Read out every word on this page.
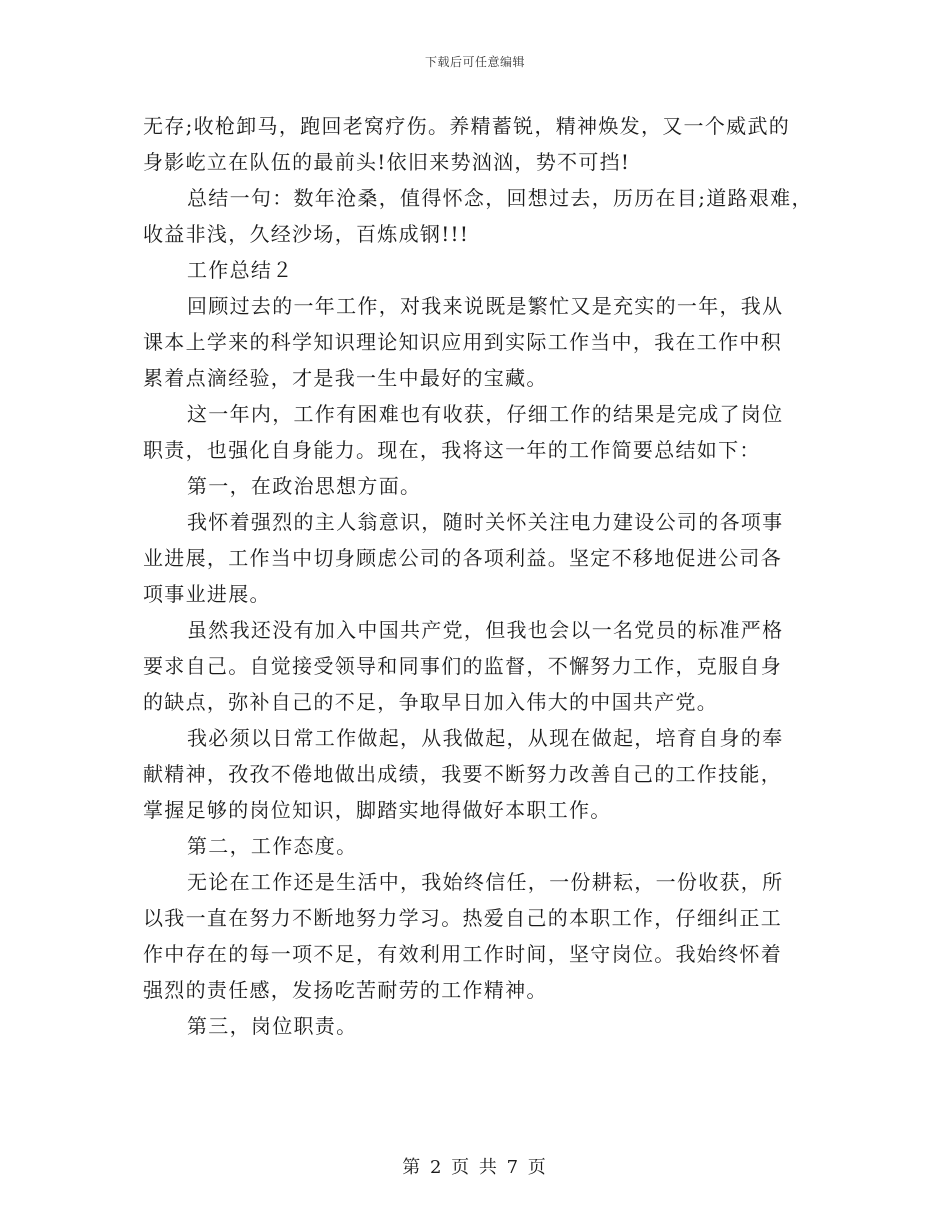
下载后可任意编辑
无存;收枪卸马，跑回老窝疗伤。养精蓄锐，精神焕发，又一个威武的
身影屹立在队伍的最前头!依旧来势汹汹，势不可挡!
总结一句：数年沧桑，值得怀念，回想过去，历历在目;道路艰难，
收益非浅，久经沙场，百炼成钢!!!
工作总结２
回顾过去的一年工作，对我来说既是繁忙又是充实的一年，我从
课本上学来的科学知识理论知识应用到实际工作当中，我在工作中积
累着点滴经验，才是我一生中最好的宝藏。
这一年内，工作有困难也有收获，仔细工作的结果是完成了岗位
职责，也强化自身能力。现在，我将这一年的工作简要总结如下：
第一，在政治思想方面。
我怀着强烈的主人翁意识，随时关怀关注电力建设公司的各项事
业进展，工作当中切身顾虑公司的各项利益。坚定不移地促进公司各
项事业进展。
虽然我还没有加入中国共产党，但我也会以一名党员的标准严格
要求自己。自觉接受领导和同事们的监督，不懈努力工作，克服自身
的缺点，弥补自己的不足，争取早日加入伟大的中国共产党。
我必须以日常工作做起，从我做起，从现在做起，培育自身的奉
献精神，孜孜不倦地做出成绩，我要不断努力改善自己的工作技能，
掌握足够的岗位知识，脚踏实地得做好本职工作。
第二，工作态度。
无论在工作还是生活中，我始终信任，一份耕耘，一份收获，所
以我一直在努力不断地努力学习。热爱自己的本职工作，仔细纠正工
作中存在的每一项不足，有效利用工作时间，坚守岗位。我始终怀着
强烈的责任感，发扬吃苦耐劳的工作精神。
第三，岗位职责。
第 2 页 共 7 页
